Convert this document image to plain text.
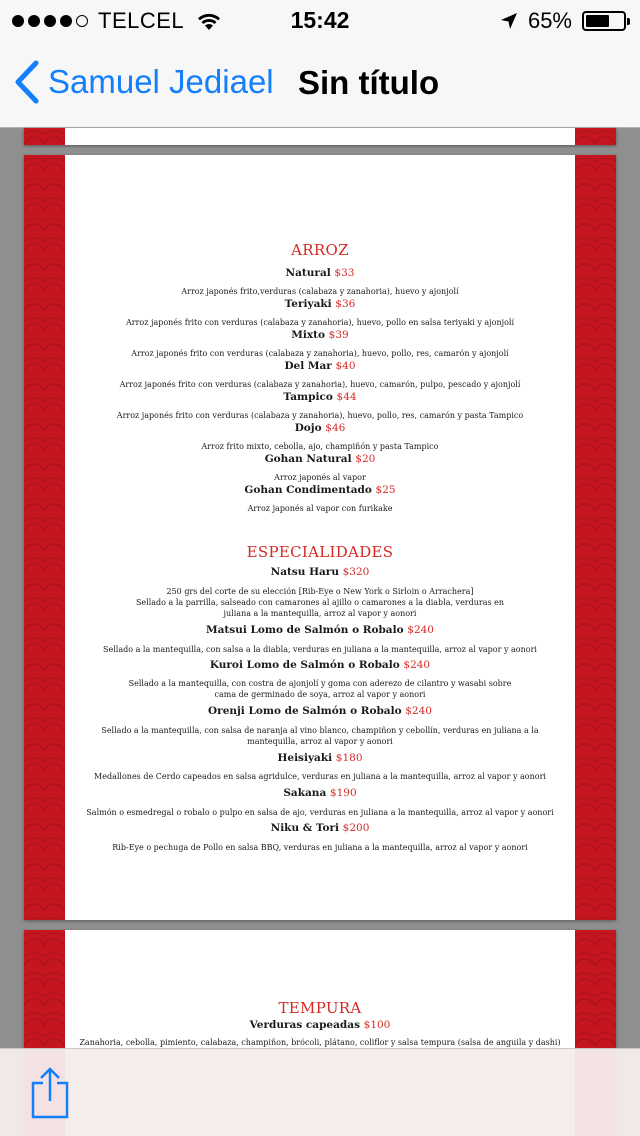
TELCEL	15:42	65%
Samuel Jediael Sin título
ARROZ
Natural $33
Arroz japonés frito,verduras (calabaza y zanahoria), huevo y ajonjolí
Teriyaki $36
Arroz japonés frito con verduras (calabaza y zanahoria), huevo, pollo en salsa teriyaki y ajonjolí
Mixto $39
Arroz japonés frito con verduras (calabaza y zanahoria), huevo, pollo, res, camarón y ajonjolí
Del Mar $40
Arroz japonés frito con verduras (calabaza y zanahoria), huevo, camarón, pulpo, pescado y ajonjolí
Tampico $44
Arroz japonés frito con verduras (calabaza y zanahoria), huevo, pollo, res, camarón y pasta Tampico
Dojo $46
Arroz frito mixto, cebolla, ajo, champiñón y pasta Tampico
Gohan Natural $20
Arroz japonés al vapor
Gohan Condimentado $25
Arroz japonés al vapor con furikake
ESPECIALIDADES
Natsu Haru $320
250 grs del corte de su elección [Rib-Eye o New York o Sirloin o Arrachera]
Sellado a la parrilla, salseado con camarones al ajillo o camarones a la diabla, verduras en juliana a la mantequilla, arroz al vapor y aonori
Matsui Lomo de Salmón o Robalo $240
Sellado a la mantequilla, con salsa a la diabla, verduras en juliana a la mantequilla, arroz al vapor y aonori
Kuroi Lomo de Salmón o Robalo $240
Sellado a la mantequilla, con costra de ajonjolí y goma con aderezo de cilantro y wasabi sobre cama de germinado de soya, arroz al vapor y aonori
Orenji Lomo de Salmón o Robalo $240
Sellado a la mantequilla, con salsa de naranja al vino blanco, champiñon y cebollín, verduras en juliana a la mantequilla, arroz al vapor y aonori
Heisiyaki $180
Medallones de Cerdo capeados en salsa agridulce, verduras en juliana a la mantequilla, arroz al vapor y aonori
Sakana $190
Salmón o esmedregal o robalo o pulpo en salsa de ajo, verduras en juliana a la mantequilla, arroz al vapor y aonori
Niku & Tori $200
Rib-Eye o pechuga de Pollo en salsa BBQ, verduras en juliana a la mantequilla, arroz al vapor y aonori
TEMPURA
Verduras capeadas $100
Zanahoria, cebolla, pimiento, calabaza, champiñon, brócoli, plátano, coliflor y salsa tempura (salsa de anguila y dashi)
